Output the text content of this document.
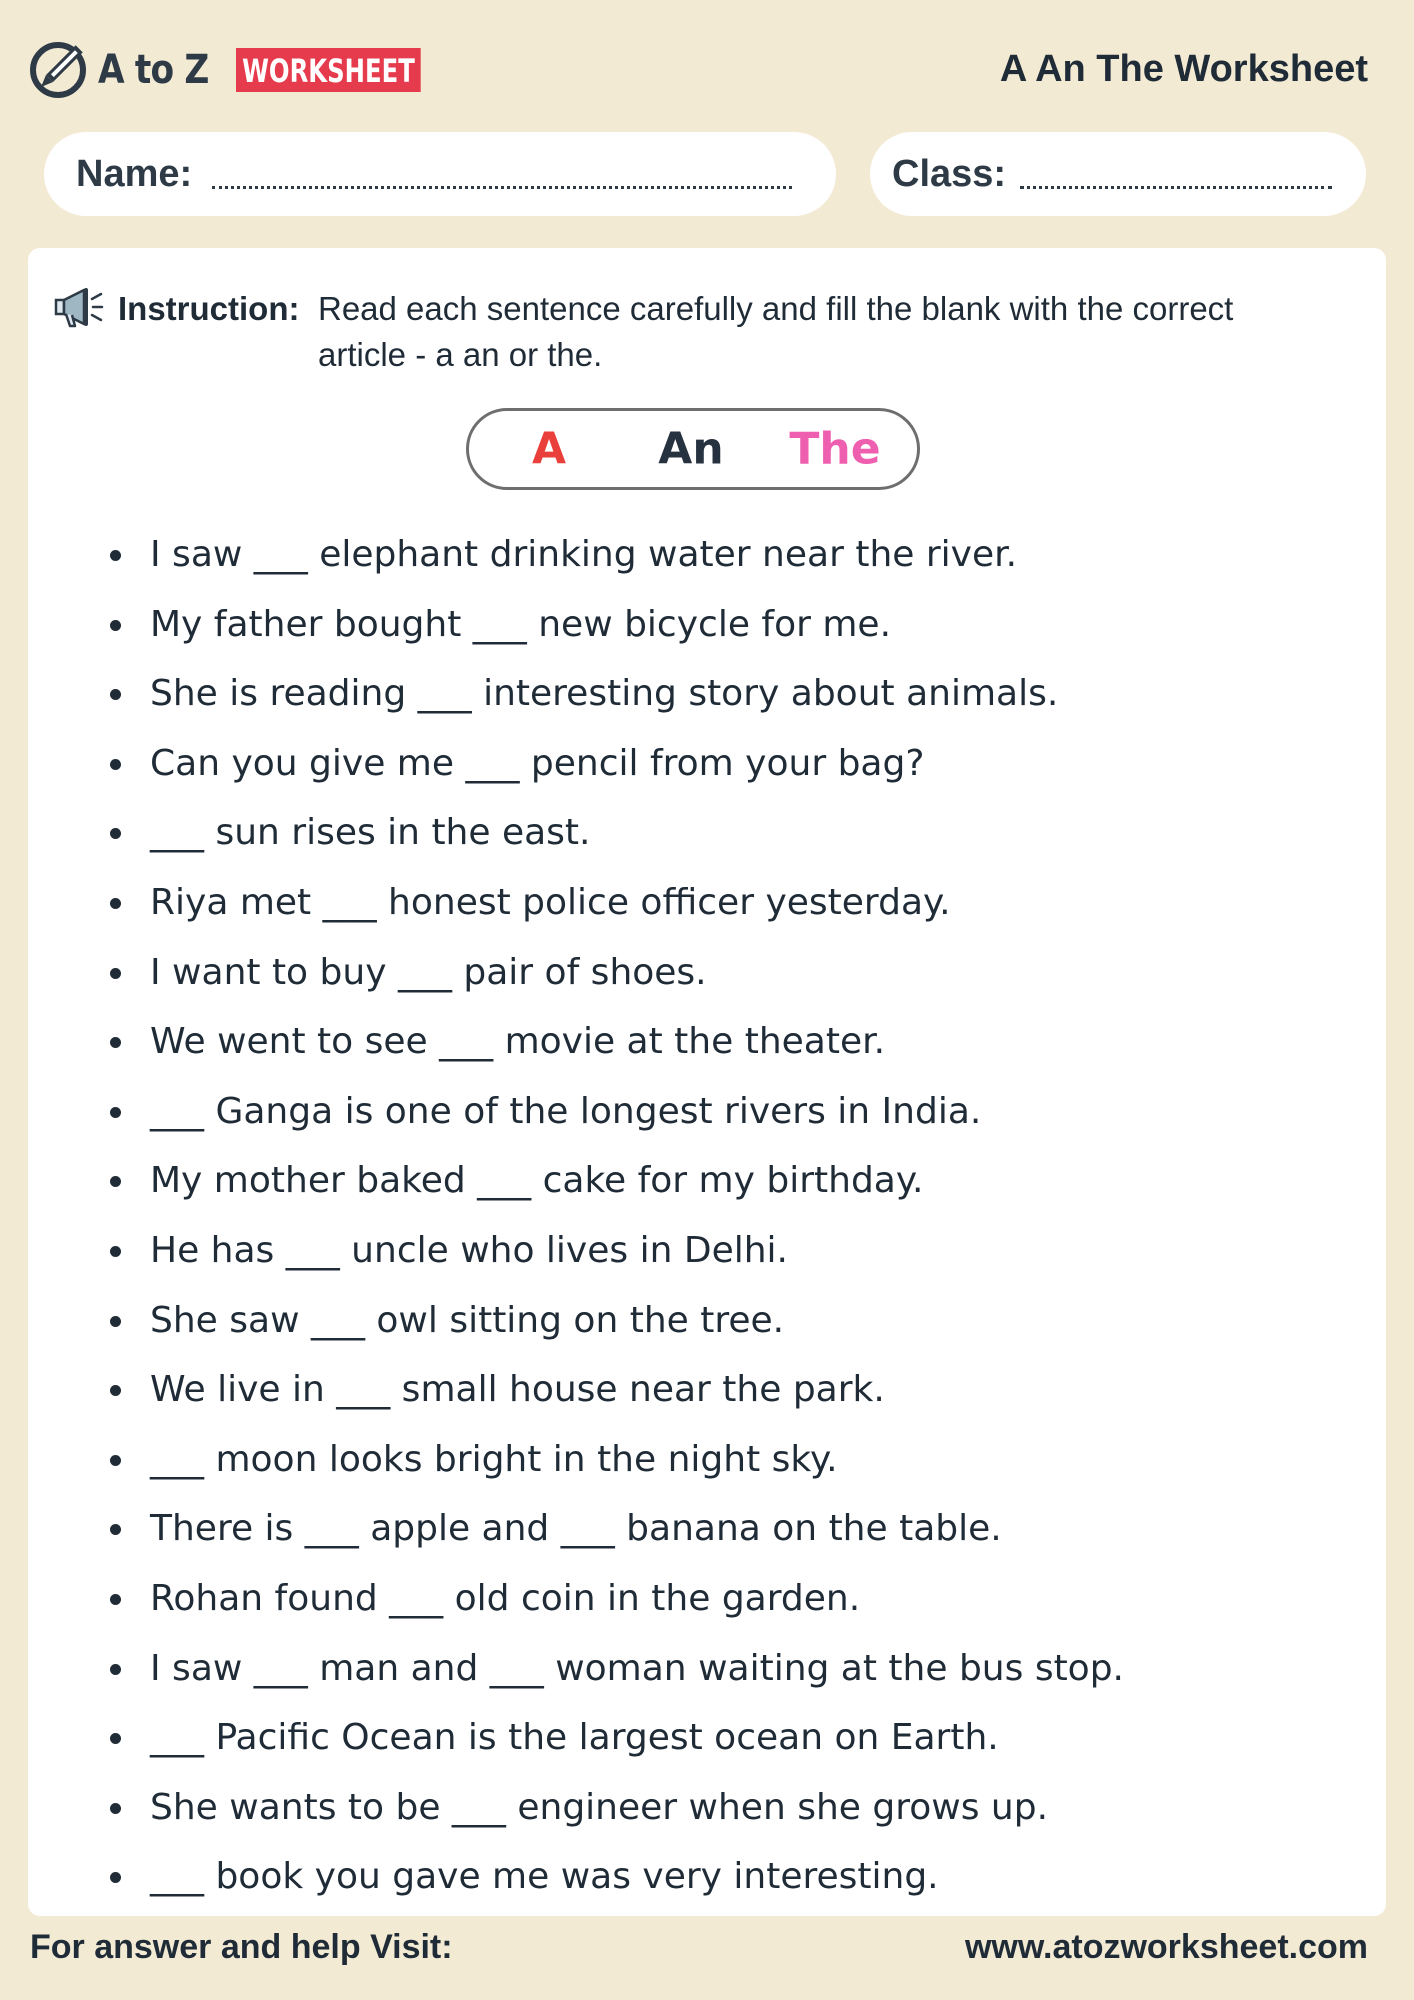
A to Z WORKSHEET	A An The Worksheet
Name:	Class:
Instruction: Read each sentence carefully and fill the blank with the correct article - a an or the.
A An The
I saw ___ elephant drinking water near the river.
My father bought ___ new bicycle for me.
She is reading ___ interesting story about animals.
Can you give me ___ pencil from your bag?
___ sun rises in the east.
Riya met ___ honest police officer yesterday.
I want to buy ___ pair of shoes.
We went to see ___ movie at the theater.
___ Ganga is one of the longest rivers in India.
My mother baked ___ cake for my birthday.
He has ___ uncle who lives in Delhi.
She saw ___ owl sitting on the tree.
We live in ___ small house near the park.
___ moon looks bright in the night sky.
There is ___ apple and ___ banana on the table.
Rohan found ___ old coin in the garden.
I saw ___ man and ___ woman waiting at the bus stop.
___ Pacific Ocean is the largest ocean on Earth.
She wants to be ___ engineer when she grows up.
___ book you gave me was very interesting.
For answer and help Visit:	www.atozworksheet.com
